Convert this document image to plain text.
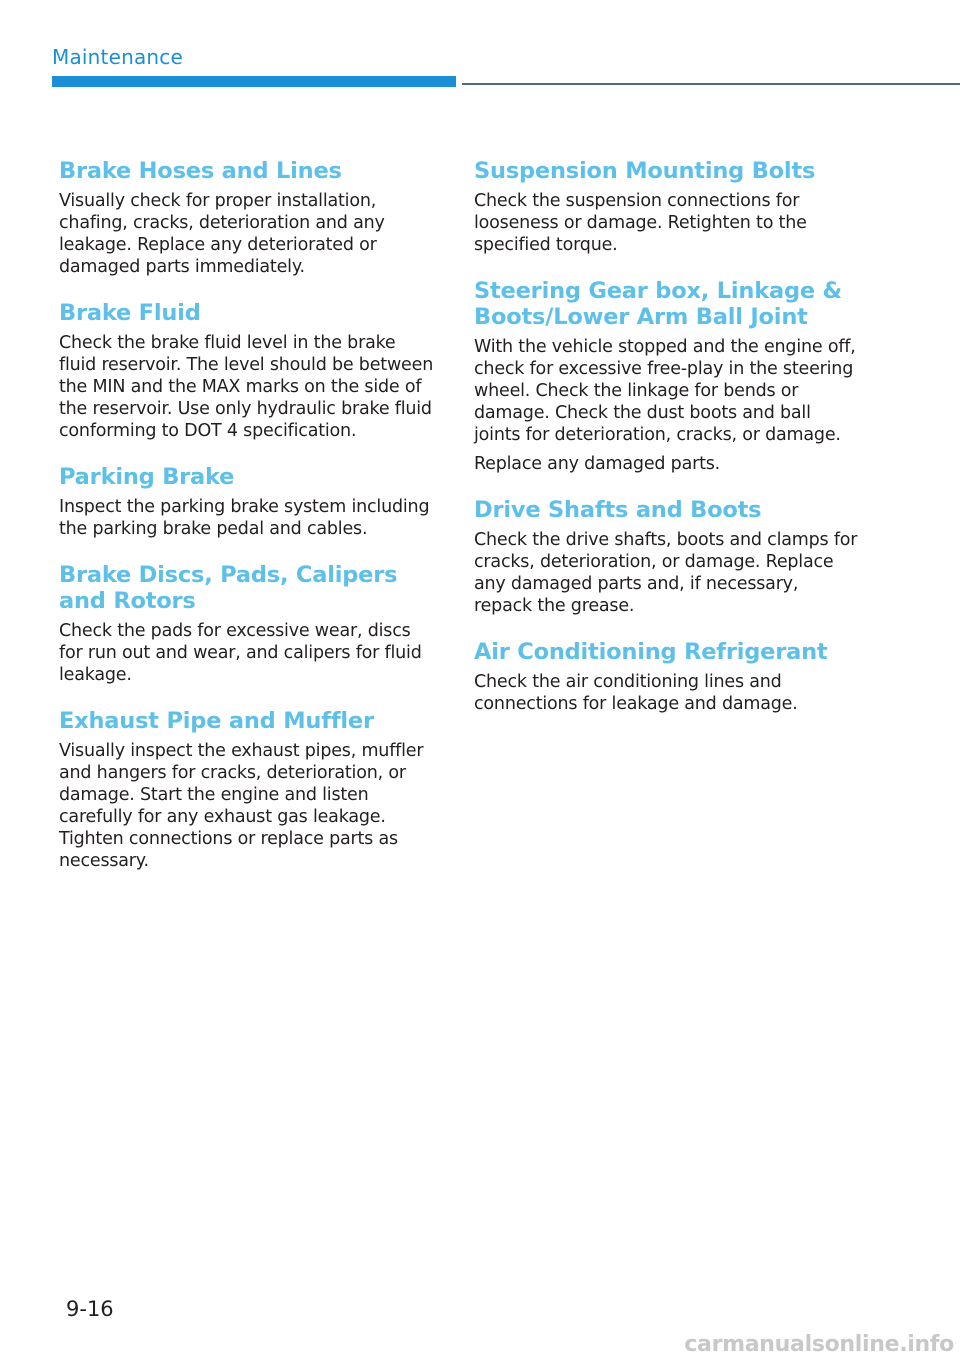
Maintenance
Brake Hoses and Lines

Visually check for proper installation, chafing, cracks, deterioration and any leakage. Replace any deteriorated or damaged parts immediately.

Brake Fluid

Check the brake fluid level in the brake fluid reservoir. The level should be between the MIN and the MAX marks on the side of the reservoir. Use only hydraulic brake fluid conforming to DOT 4 specification.

Parking Brake

Inspect the parking brake system including the parking brake pedal and cables.

Brake Discs, Pads, Calipers and Rotors

Check the pads for excessive wear, discs for run out and wear, and calipers for fluid leakage.

Exhaust Pipe and Muffler

Visually inspect the exhaust pipes, muffler and hangers for cracks, deterioration, or damage. Start the engine and listen carefully for any exhaust gas leakage. Tighten connections or replace parts as necessary.

Suspension Mounting Bolts

Check the suspension connections for looseness or damage. Retighten to the specified torque.

Steering Gear box, Linkage & Boots/Lower Arm Ball Joint

With the vehicle stopped and the engine off, check for excessive free-play in the steering wheel. Check the linkage for bends or damage. Check the dust boots and ball joints for deterioration, cracks, or damage.

Replace any damaged parts.

Drive Shafts and Boots

Check the drive shafts, boots and clamps for cracks, deterioration, or damage. Replace any damaged parts and, if necessary, repack the grease.

Air Conditioning Refrigerant

Check the air conditioning lines and connections for leakage and damage.

9-16
carmanualsonline.info
